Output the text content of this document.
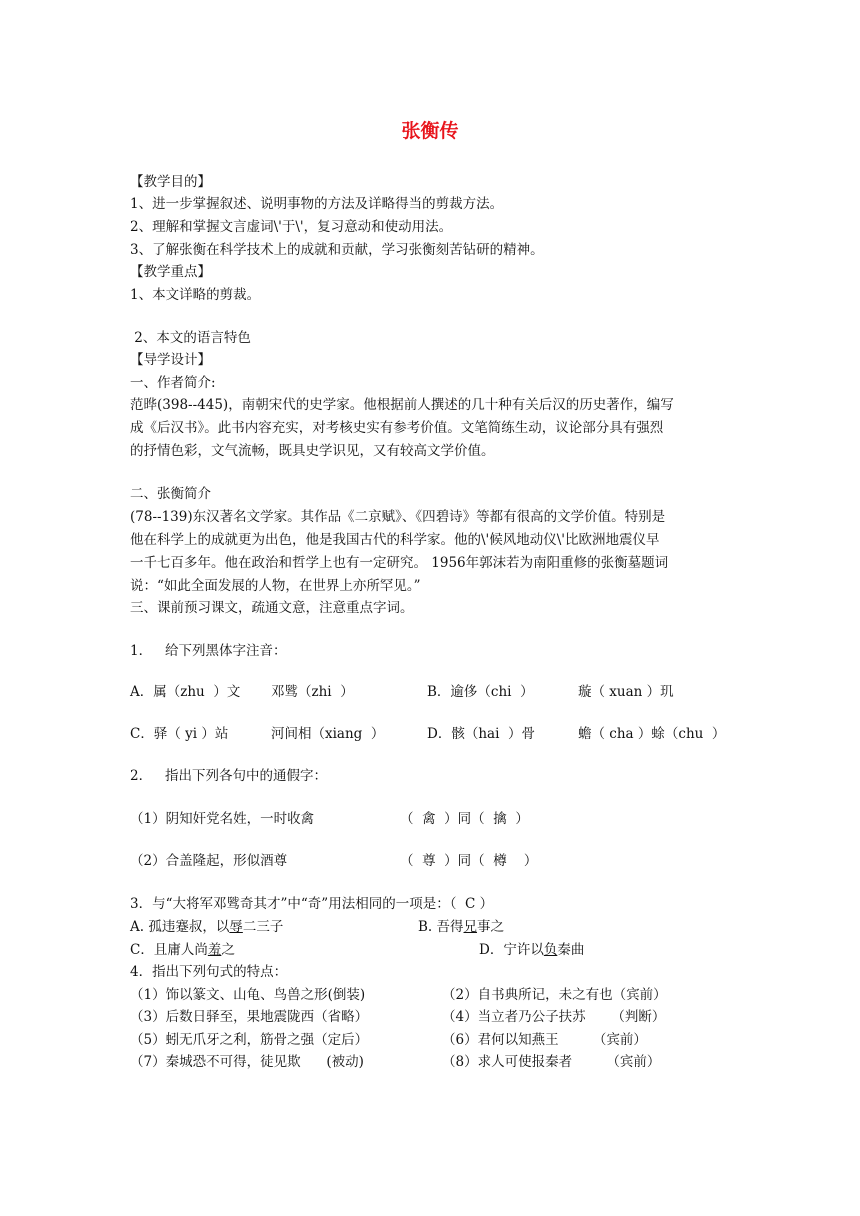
张衡传
【教学目的】
1、进一步掌握叙述、说明事物的方法及详略得当的剪裁方法。
2、理解和掌握文言虚词\'于\'，复习意动和使动用法。
3、了解张衡在科学技术上的成就和贡献，学习张衡刻苦钻研的精神。
【教学重点】
1、本文详略的剪裁。
2、本文的语言特色
【导学设计】
一、作者简介:
范晔(398--445)，南朝宋代的史学家。他根据前人撰述的几十种有关后汉的历史著作，编写
成《后汉书》。此书内容充实，对考核史实有参考价值。文笔简练生动，议论部分具有强烈
的抒情色彩，文气流畅，既具史学识见，又有较高文学价值。
二、张衡简介
(78--139)东汉著名文学家。其作品《二京赋》、《四碧诗》等都有很高的文学价值。特别是
他在科学上的成就更为出色，他是我国古代的科学家。他的\'候风地动仪\'比欧洲地震仪早
一千七百多年。他在政治和哲学上也有一定研究。 1956年郭沫若为南阳重修的张衡墓题词
说：“如此全面发展的人物，在世界上亦所罕见。”
三、课前预习课文，疏通文意，注意重点字词。
1．   给下列黑体字注音：
A．属（zhu  ）文 邓骘（zhi  ）	B．逾侈（chi  ）	璇（ xuan ）玑
C．驿（ yi ）站	河间相（xiang  ）	D．骸（hai  ）骨	蟾（ cha ）蜍（chu  ）
2．   指出下列各句中的通假字：
（1）阴知奸党名姓，一时收禽	（  禽  ）同（  擒  ）
（2）合盖隆起，形似酒尊	（  尊  ）同（  樽    ）
3．与“大将军邓骘奇其才”中“奇”用法相同的一项是：（  C ）
A. 孤违蹇叔，以辱二三子	B. 吾得兄事之
C．且庸人尚羞之	D．宁许以负秦曲
4．指出下列句式的特点：
（1）饰以篆文、山龟、鸟兽之形(倒装)	（2）自书典所记，未之有也（宾前）
（3）后数日驿至，果地震陇西（省略）	（4）当立者乃公子扶苏      （判断）
（5）蚓无爪牙之利，筋骨之强（定后）	（6）君何以知燕王        （宾前）
（7）秦城恐不可得，徒见欺      (被动)	（8）求人可使报秦者        （宾前）
